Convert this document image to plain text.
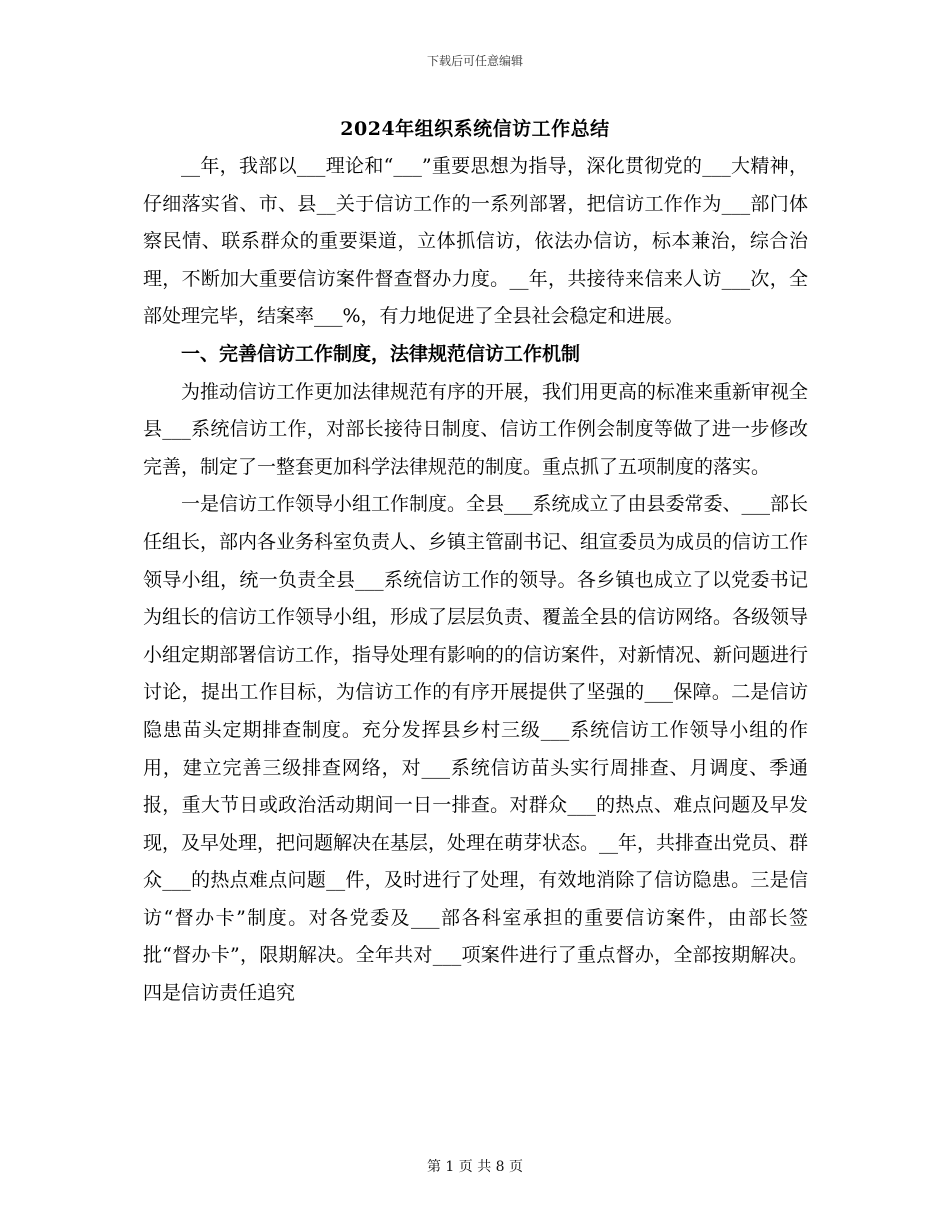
下载后可任意编辑
2024年组织系统信访工作总结

__年，我部以___理论和“___”重要思想为指导，深化贯彻党的___大精神，仔细落实省、市、县__关于信访工作的一系列部署，把信访工作作为___部门体察民情、联系群众的重要渠道，立体抓信访，依法办信访，标本兼治，综合治理，不断加大重要信访案件督查督办力度。__年，共接待来信来人访___次，全部处理完毕，结案率___%，有力地促进了全县社会稳定和进展。

一、完善信访工作制度，法律规范信访工作机制

为推动信访工作更加法律规范有序的开展，我们用更高的标准来重新审视全县___系统信访工作，对部长接待日制度、信访工作例会制度等做了进一步修改完善，制定了一整套更加科学法律规范的制度。重点抓了五项制度的落实。

一是信访工作领导小组工作制度。全县___系统成立了由县委常委、___部长任组长，部内各业务科室负责人、乡镇主管副书记、组宣委员为成员的信访工作领导小组，统一负责全县___系统信访工作的领导。各乡镇也成立了以党委书记为组长的信访工作领导小组，形成了层层负责、覆盖全县的信访网络。各级领导小组定期部署信访工作，指导处理有影响的的信访案件，对新情况、新问题进行讨论，提出工作目标，为信访工作的有序开展提供了坚强的___保障。二是信访隐患苗头定期排查制度。充分发挥县乡村三级___系统信访工作领导小组的作用，建立完善三级排查网络，对___系统信访苗头实行周排查、月调度、季通报，重大节日或政治活动期间一日一排查。对群众___的热点、难点问题及早发现，及早处理，把问题解决在基层，处理在萌芽状态。__年，共排查出党员、群众___的热点难点问题__件，及时进行了处理，有效地消除了信访隐患。三是信访“督办卡”制度。对各党委及___部各科室承担的重要信访案件，由部长签批“督办卡”，限期解决。全年共对___项案件进行了重点督办，全部按期解决。四是信访责任追究

第 1 页 共 8 页
